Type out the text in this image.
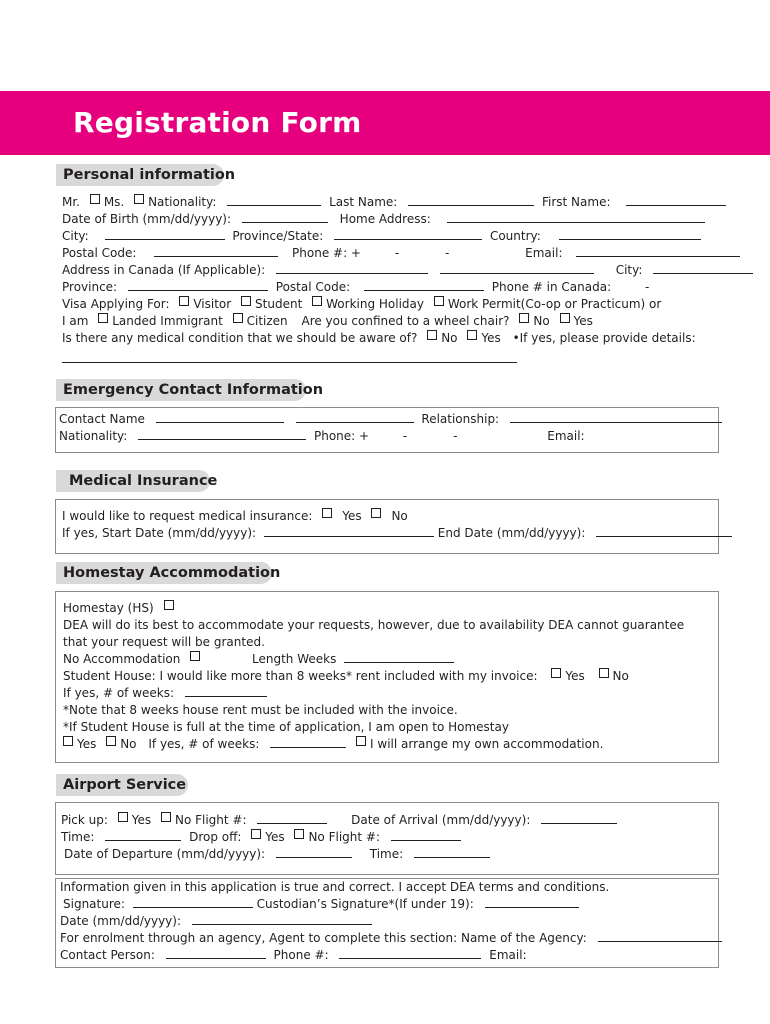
Registration Form
Personal information
Mr. Ms. Nationality:	Last Name:	First Name:
Date of Birth (mm/dd/yyyy):	Home Address:
City:	Province/State:	Country:
Postal Code:	Phone #: +	-	-	Email:
Address in Canada (If Applicable):	City:
Province:	Postal Code:	Phone # in Canada:	-
Visa Applying For: Visitor Student Working Holiday Work Permit(Co-op or Practicum) or
I am Landed Immigrant Citizen Are you confined to a wheel chair? No Yes
Is there any medical condition that we should be aware of? No Yes •If yes, please provide details:
Emergency Contact Information
Contact Name	Relationship:
Nationality:	Phone: +	-	-	Email:
Medical Insurance
I would like to request medical insurance: Yes No
If yes, Start Date (mm/dd/yyyy):	End Date (mm/dd/yyyy):
Homestay Accommodation
Homestay (HS)
DEA will do its best to accommodate your requests, however, due to availability DEA cannot guarantee
that your request will be granted.
No Accommodation	Length Weeks
Student House: I would like more than 8 weeks* rent included with my invoice: Yes No
If yes, # of weeks:
*Note that 8 weeks house rent must be included with the invoice.
*If Student House is full at the time of application, I am open to Homestay
Yes No If yes, # of weeks:	I will arrange my own accommodation.
Airport Service
Pick up: Yes No Flight #:	Date of Arrival (mm/dd/yyyy):
Time:	Drop off: Yes No Flight #:
Date of Departure (mm/dd/yyyy):	Time:
Information given in this application is true and correct. I accept DEA terms and conditions.
Signature:	Custodian’s Signature*(If under 19):
Date (mm/dd/yyyy):
For enrolment through an agency, Agent to complete this section: Name of the Agency:
Contact Person:	Phone #:	Email:
